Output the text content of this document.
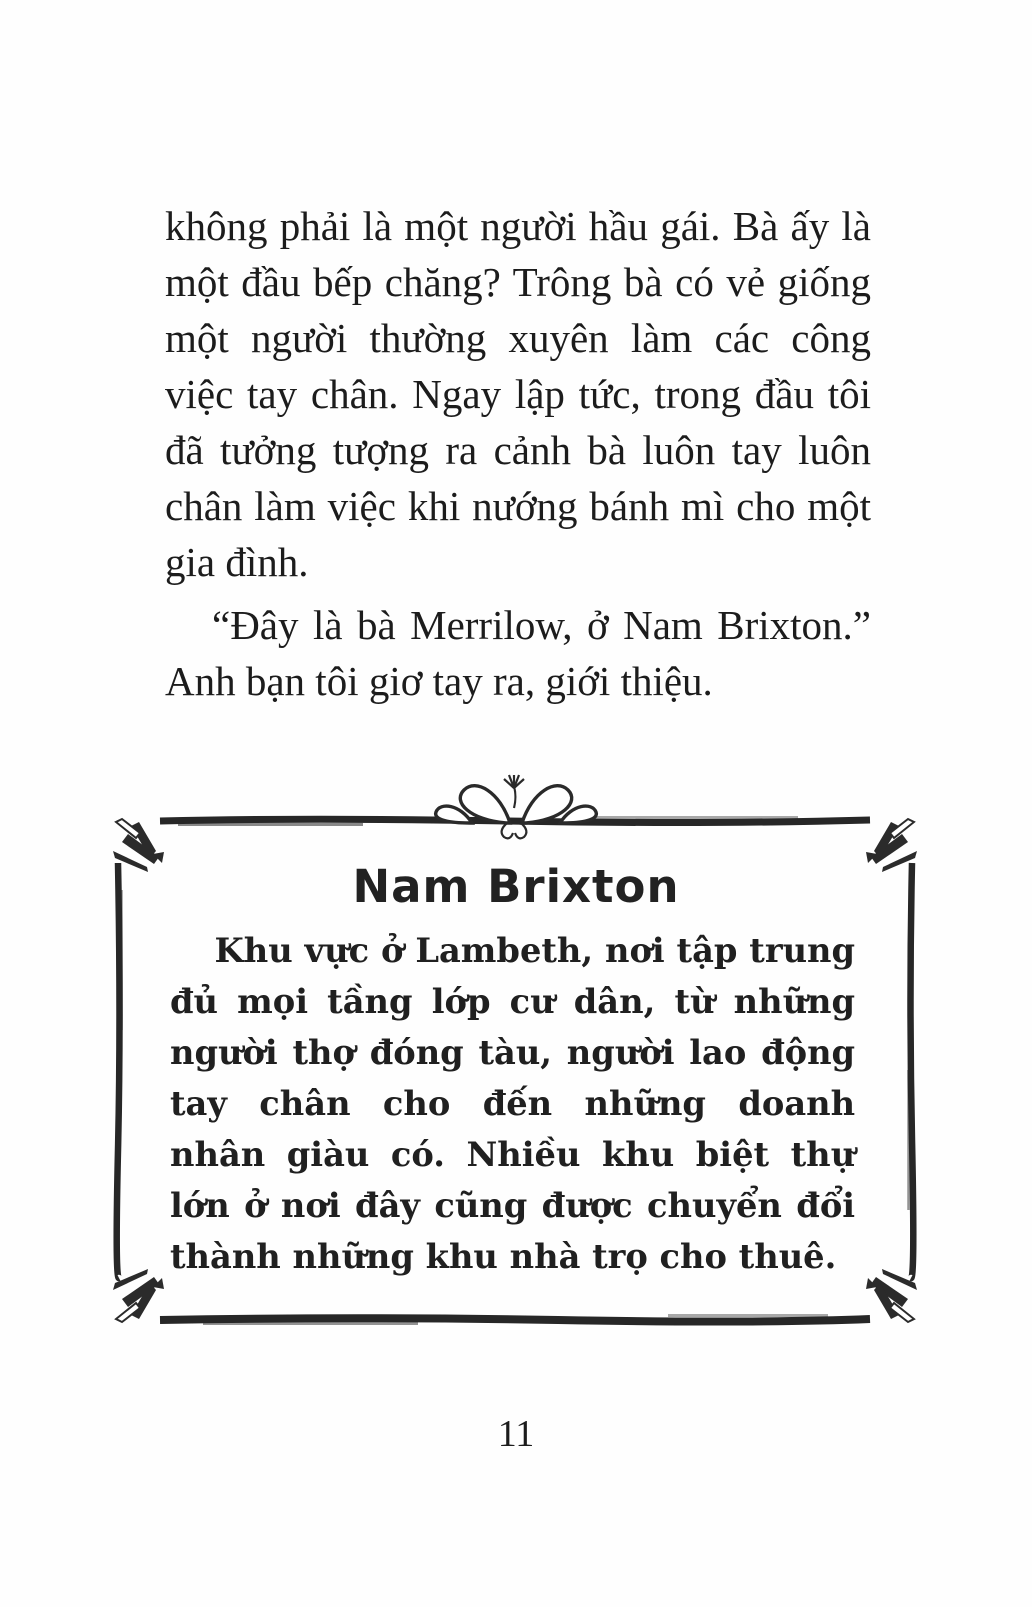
không phải là một người hầu gái. Bà ấy là một đầu bếp chăng? Trông bà có vẻ giống một người thường xuyên làm các công việc tay chân. Ngay lập tức, trong đầu tôi đã tưởng tượng ra cảnh bà luôn tay luôn chân làm việc khi nướng bánh mì cho một gia đình.

“Đây là bà Merrilow, ở Nam Brixton.” Anh bạn tôi giơ tay ra, giới thiệu.

Nam Brixton

Khu vực ở Lambeth, nơi tập trung đủ mọi tầng lớp cư dân, từ những người thợ đóng tàu, người lao động tay chân cho đến những doanh nhân giàu có. Nhiều khu biệt thự lớn ở nơi đây cũng được chuyển đổi thành những khu nhà trọ cho thuê.

11
